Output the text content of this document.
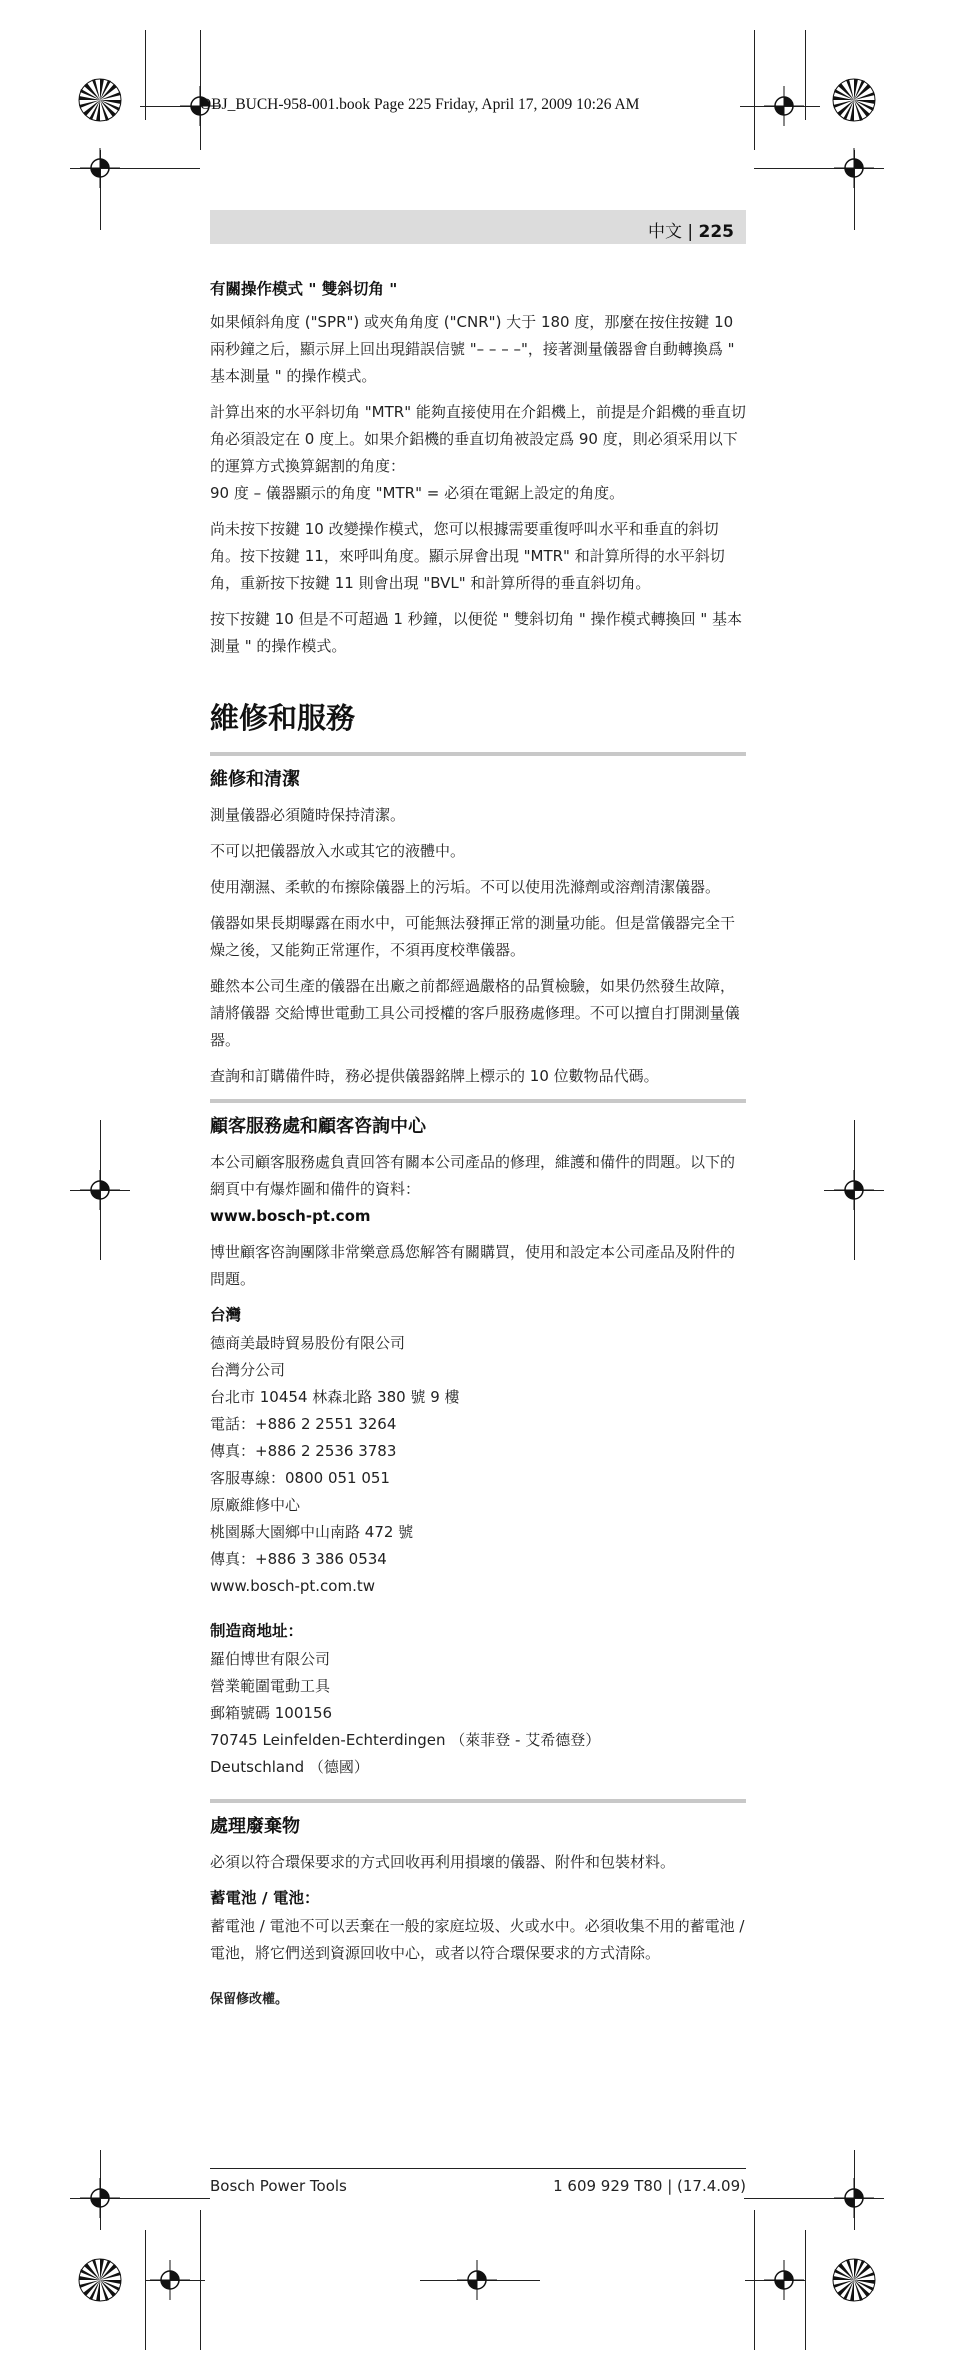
OBJ_BUCH-958-001.book Page 225 Friday, April 17, 2009 10:26 AM
中文 | 225
有關操作模式 " 雙斜切角 "

如果傾斜角度 ("SPR") 或夾角角度 ("CNR") 大于 180 度，那麼在按住按鍵 10 兩秒鐘之后，顯示屏上回出現錯誤信號 "– – – –"，接著測量儀器會自動轉換爲 " 基本測量 " 的操作模式。

計算出來的水平斜切角 "MTR" 能夠直接使用在介鋁機上，前提是介鋁機的垂直切角必須設定在 0 度上。如果介鋁機的垂直切角被設定爲 90 度，則必須采用以下的運算方式換算鋸割的角度：
90 度 – 儀器顯示的角度 "MTR" = 必須在電鋸上設定的角度。

尚未按下按鍵 10 改變操作模式，您可以根據需要重復呼叫水平和垂直的斜切角。按下按鍵 11，來呼叫角度。顯示屏會出現 "MTR" 和計算所得的水平斜切角，重新按下按鍵 11 則會出現 "BVL" 和計算所得的垂直斜切角。

按下按鍵 10 但是不可超過 1 秒鐘，以便從 " 雙斜切角 " 操作模式轉換回 " 基本測量 " 的操作模式。

維修和服務
維修和清潔

測量儀器必須隨時保持清潔。

不可以把儀器放入水或其它的液體中。

使用潮濕、柔軟的布擦除儀器上的污垢。不可以使用洗滌劑或溶劑清潔儀器。

儀器如果長期曝露在雨水中，可能無法發揮正常的測量功能。但是當儀器完全干燥之後，又能夠正常運作，不須再度校準儀器。

雖然本公司生產的儀器在出廠之前都經過嚴格的品質檢驗，如果仍然發生故障，請將儀器 交給博世電動工具公司授權的客戶服務處修理。不可以擅自打開測量儀器。

查詢和訂購備件時，務必提供儀器銘牌上標示的 10 位數物品代碼。

顧客服務處和顧客咨詢中心

本公司顧客服務處負責回答有關本公司產品的修理，維護和備件的問題。以下的網頁中有爆炸圖和備件的資料：
www.bosch-pt.com

博世顧客咨詢團隊非常樂意爲您解答有關購買，使用和設定本公司產品及附件的問題。

台灣
德商美最時貿易股份有限公司
台灣分公司
台北市 10454 林森北路 380 號 9 樓
電話：+886 2 2551 3264
傳真：+886 2 2536 3783
客服專線：0800 051 051
原廠維修中心
桃園縣大園鄉中山南路 472 號
傳真：+886 3 386 0534
www.bosch-pt.com.tw
制造商地址：
羅伯博世有限公司
營業範圍電動工具
郵箱號碼 100156
70745 Leinfelden-Echterdingen （萊菲登 - 艾希德登）
Deutschland （德國）
處理廢棄物

必須以符合環保要求的方式回收再利用損壞的儀器、附件和包裝材料。

蓄電池 / 電池：

蓄電池 / 電池不可以丟棄在一般的家庭垃圾、火或水中。必須收集不用的蓄電池 / 電池，將它們送到資源回收中心，或者以符合環保要求的方式清除。

保留修改權。
Bosch Power Tools	1 609 929 T80 | (17.4.09)
